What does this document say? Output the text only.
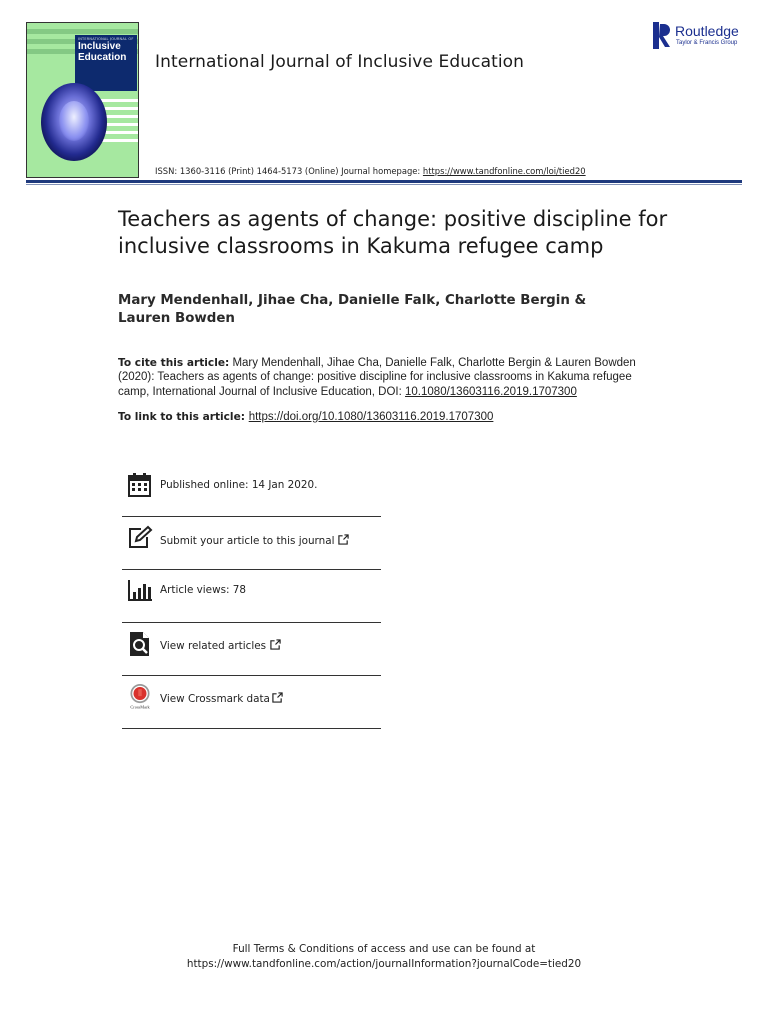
INTERNATIONAL JOURNAL OF
Inclusive
Education	International Journal of Inclusive Education
Routledge
Taylor & Francis Group
ISSN: 1360-3116 (Print) 1464-5173 (Online) Journal homepage: https://www.tandfonline.com/loi/tied20
Teachers as agents of change: positive discipline for inclusive classrooms in Kakuma refugee camp
Mary Mendenhall, Jihae Cha, Danielle Falk, Charlotte Bergin & Lauren Bowden
To cite this article: Mary Mendenhall, Jihae Cha, Danielle Falk, Charlotte Bergin & Lauren Bowden (2020): Teachers as agents of change: positive discipline for inclusive classrooms in Kakuma refugee camp, International Journal of Inclusive Education, DOI: 10.1080/13603116.2019.1707300
To link to this article: https://doi.org/10.1080/13603116.2019.1707300
Published online: 14 Jan 2020.
Submit your article to this journal
Article views: 78
View related articles
CrossMark
View Crossmark data
Full Terms & Conditions of access and use can be found at
https://www.tandfonline.com/action/journalInformation?journalCode=tied20
